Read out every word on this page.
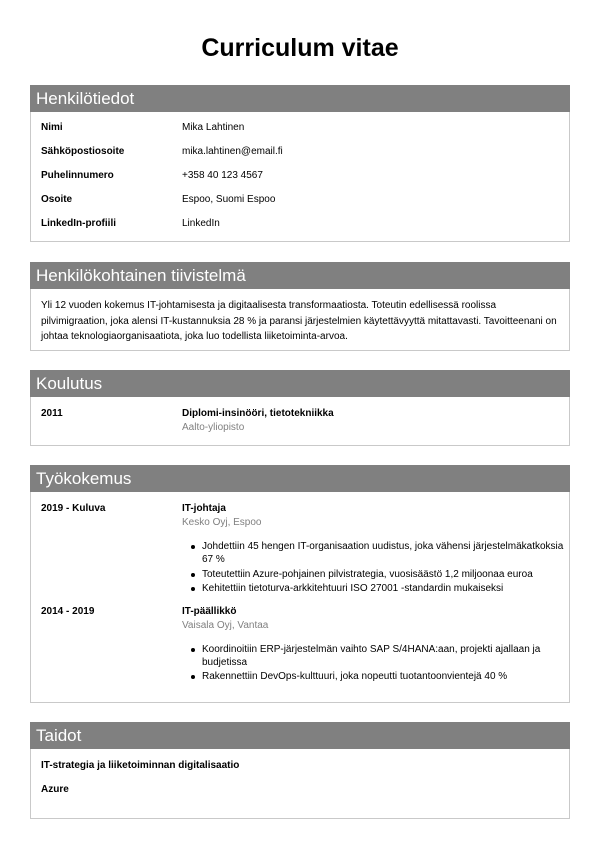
Curriculum vitae
Henkilötiedot
Nimi	Mika Lahtinen
Sähköpostiosoite	mika.lahtinen@email.fi
Puhelinnumero	+358 40 123 4567
Osoite	Espoo, Suomi Espoo
LinkedIn-profiili	LinkedIn
Henkilökohtainen tiivistelmä
Yli 12 vuoden kokemus IT-johtamisesta ja digitaalisesta transformaatiosta. Toteutin edellisessä roolissa pilvimigraation, joka alensi IT-kustannuksia 28 % ja paransi järjestelmien käytettävyyttä mitattavasti. Tavoitteenani on johtaa teknologiaorganisaatiota, joka luo todellista liiketoiminta-arvoa.
Koulutus
2011	Diplomi-insinööri, tietotekniikka
Aalto-yliopisto
Työkokemus
2019 - Kuluva	IT-johtaja
Kesko Oyj, Espoo
Johdettiin 45 hengen IT-organisaation uudistus, joka vähensi järjestelmäkatkoksia 67 %
Toteutettiin Azure-pohjainen pilvistrategia, vuosisäästö 1,2 miljoonaa euroa
Kehitettiin tietoturva-arkkitehtuuri ISO 27001 -standardin mukaiseksi
2014 - 2019	IT-päällikkö
Vaisala Oyj, Vantaa
Koordinoitiin ERP-järjestelmän vaihto SAP S/4HANA:aan, projekti ajallaan ja budjetissa
Rakennettiin DevOps-kulttuuri, joka nopeutti tuotantoonvientejä 40 %
Taidot
IT-strategia ja liiketoiminnan digitalisaatio
Azure
